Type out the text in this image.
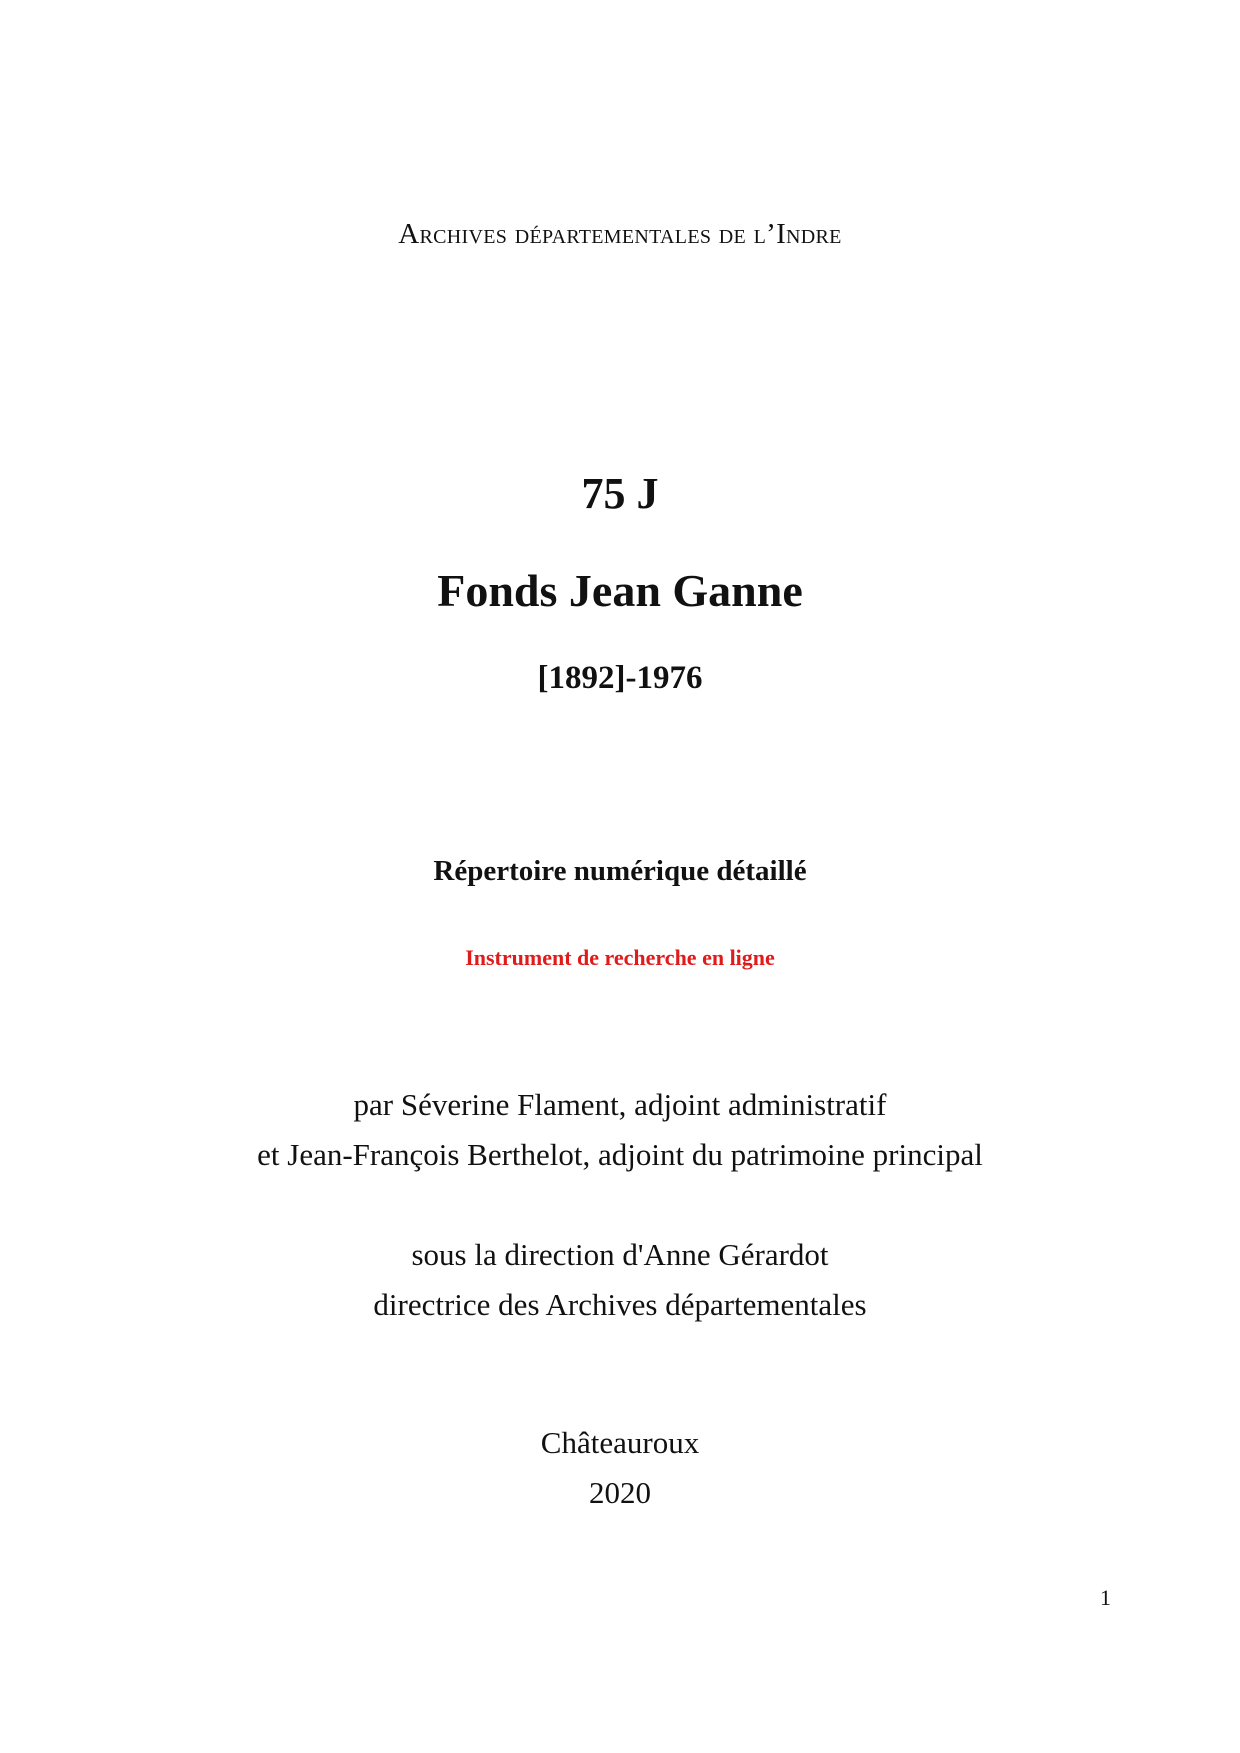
Archives départementales de l’Indre
75 J
Fonds Jean Ganne
[1892]-1976
Répertoire numérique détaillé
Instrument de recherche en ligne
par Séverine Flament, adjoint administratif
et Jean-François Berthelot, adjoint du patrimoine principal
sous la direction d'Anne Gérardot
directrice des Archives départementales
Châteauroux
2020
1
